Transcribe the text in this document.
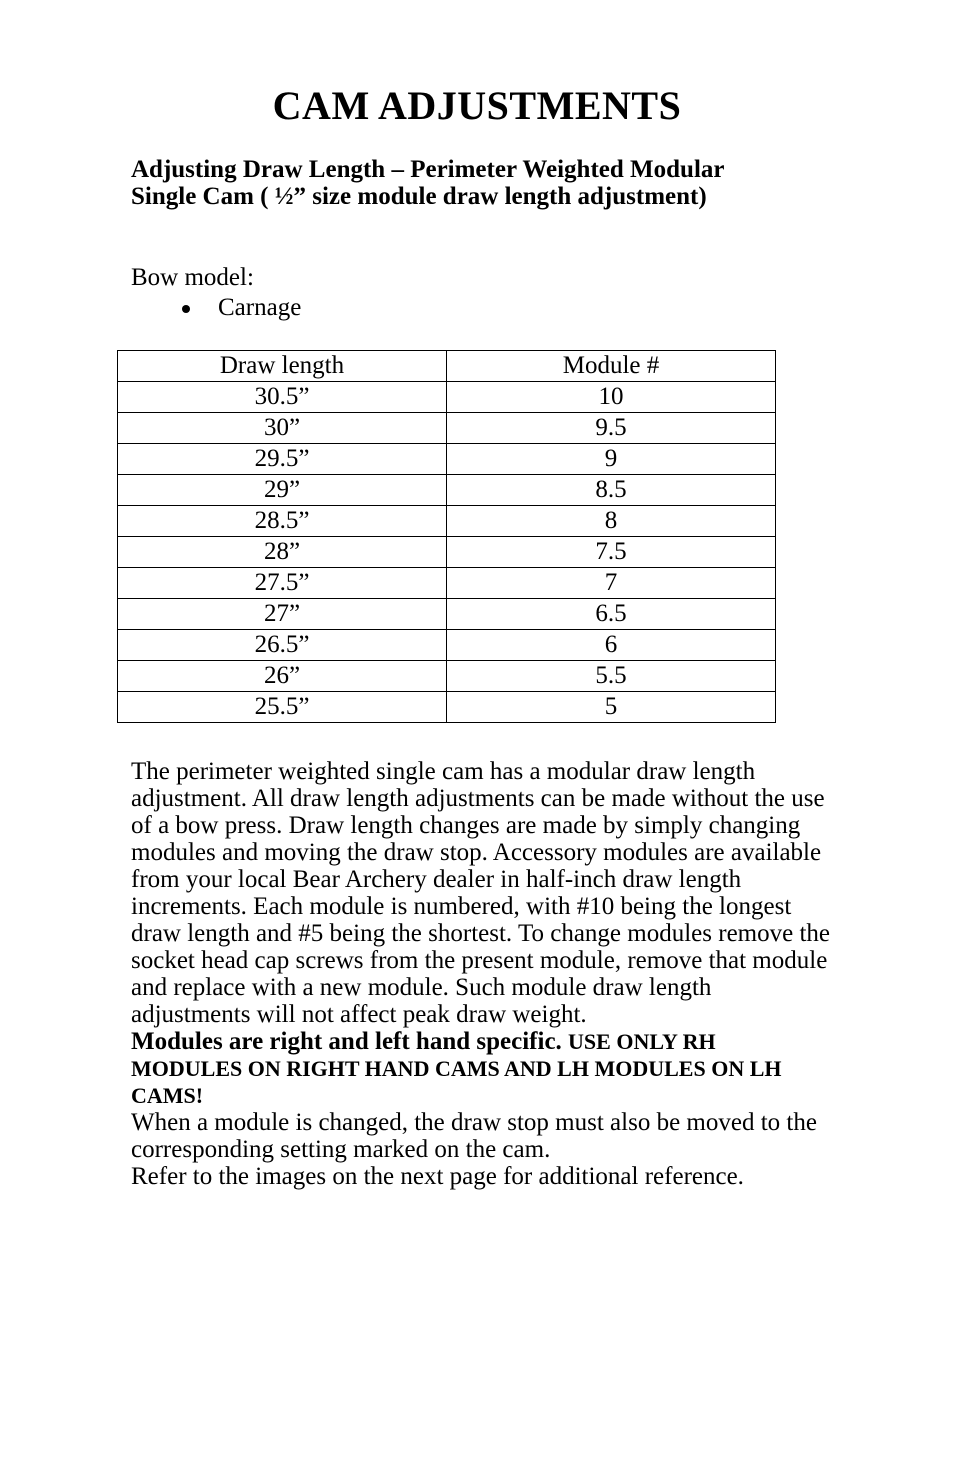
CAM ADJUSTMENTS
Adjusting Draw Length – Perimeter Weighted Modular Single Cam ( ½” size module draw length adjustment)

Bow model:

Carnage
Draw length	Module #
30.5”	10
30”	9.5
29.5”	9
29”	8.5
28.5”	8
28”	7.5
27.5”	7
27”	6.5
26.5”	6
26”	5.5
25.5”	5
The perimeter weighted single cam has a modular draw length adjustment. All draw length adjustments can be made without the use of a bow press. Draw length changes are made by simply changing modules and moving the draw stop. Accessory modules are available from your local Bear Archery dealer in half-inch draw length increments. Each module is numbered, with #10 being the longest draw length and #5 being the shortest. To change modules remove the socket head cap screws from the present module, remove that module and replace with a new module. Such module draw length adjustments will not affect peak draw weight.
Modules are right and left hand specific. USE ONLY RH MODULES ON RIGHT HAND CAMS AND LH MODULES ON LH CAMS!
When a module is changed, the draw stop must also be moved to the corresponding setting marked on the cam.
Refer to the images on the next page for additional reference.
